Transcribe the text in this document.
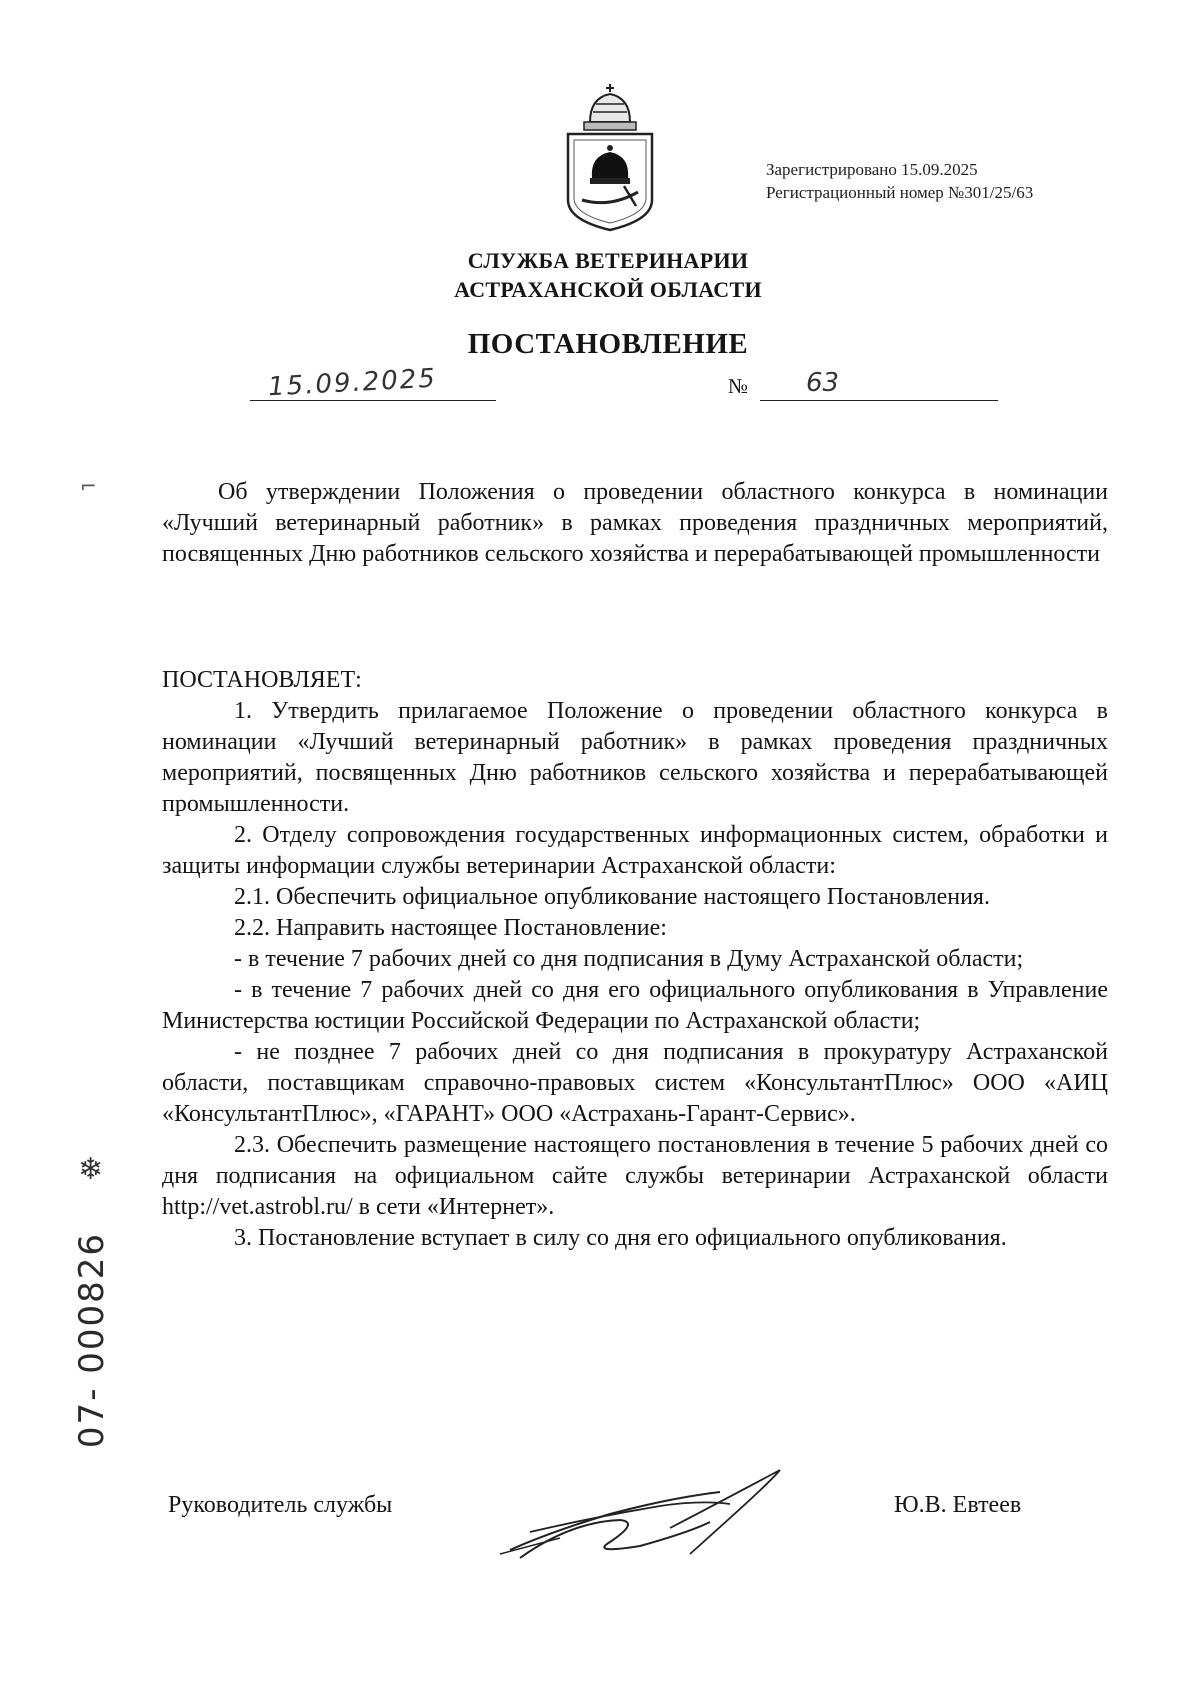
Зарегистрировано 15.09.2025
Регистрационный номер №301/25/63
СЛУЖБА ВЕТЕРИНАРИИ
АСТРАХАНСКОЙ ОБЛАСТИ
ПОСТАНОВЛЕНИЕ
15.09.2025	№ 63
⌐	Об утверждении Положения о проведении областного конкурса в номинации «Лучший ветеринарный работник» в рамках проведения праздничных мероприятий, посвященных Дню работников сельского хозяйства и перерабатывающей промышленности

ПОСТАНОВЛЯЕТ:

1. Утвердить прилагаемое Положение о проведении областного конкурса в номинации «Лучший ветеринарный работник» в рамках проведения праздничных мероприятий, посвященных Дню работников сельского хозяйства и перерабатывающей промышленности.

2. Отделу сопровождения государственных информационных систем, обработки и защиты информации службы ветеринарии Астраханской области:

2.1. Обеспечить официальное опубликование настоящего Постановления.

2.2. Направить настоящее Постановление:

- в течение 7 рабочих дней со дня подписания в Думу Астраханской области;

- в течение 7 рабочих дней со дня его официального опубликования в Управление Министерства юстиции Российской Федерации по Астраханской области;

- не позднее 7 рабочих дней со дня подписания в прокуратуру Астраханской области, поставщикам справочно-правовых систем «КонсультантПлюс» ООО «АИЦ «КонсультантПлюс», «ГАРАНТ» ООО «Астрахань-Гарант-Сервис».

2.3. Обеспечить размещение настоящего постановления в течение 5 рабочих дней со дня подписания на официальном сайте службы ветеринарии Астраханской области http://vet.astrobl.ru/ в сети «Интернет».

3. Постановление вступает в силу со дня его официального опубликования.

Руководитель службы	Ю.В. Евтеев
❄
07- 000826
